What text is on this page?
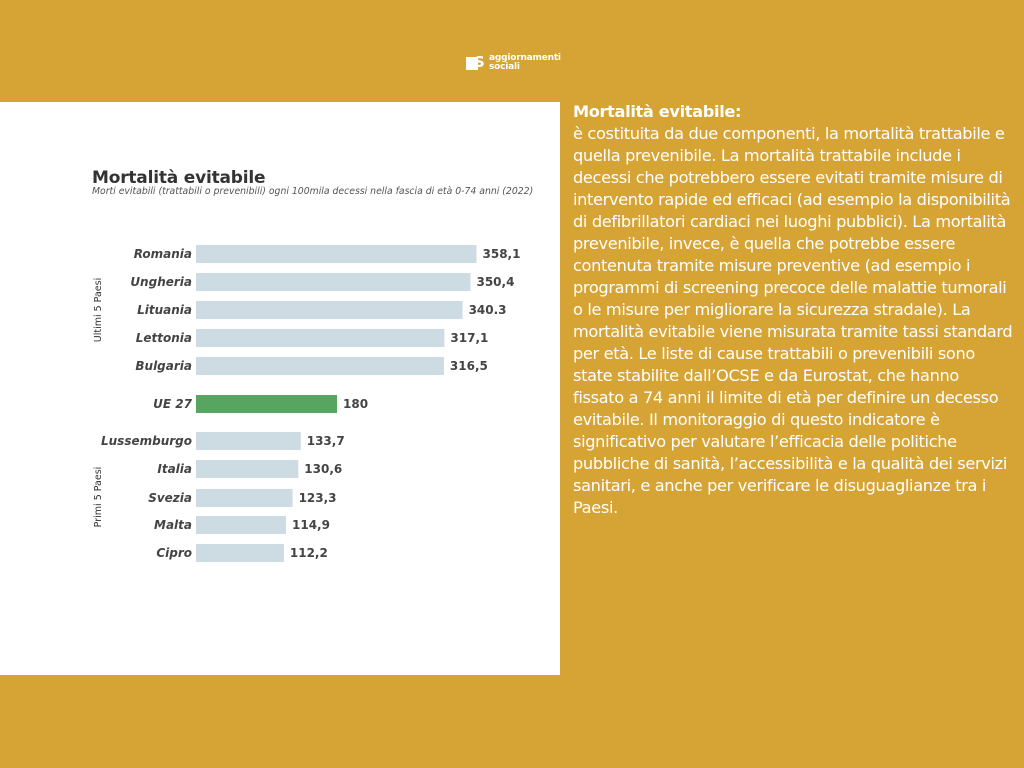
S aggiornamenti
sociali
Mortalità evitabile

Morti evitabili (trattabili o prevenibili) ogni 100mila decessi nella fascia di età 0-74 anni (2022)

Romania	358,1
Ungheria	350,4
Lituania	340.3
Lettonia	317,1
Bulgaria	316,5
UE 27	180
Lussemburgo	133,7
Italia	130,6
Svezia	123,3
Malta	114,9
Cipro	112,2
Ultimi 5 Paesi
Primi 5 Paesi
Mortalità evitabile:
è costituita da due componenti, la mortalità trattabile e quella prevenibile. La mortalità trattabile include i decessi che potrebbero essere evitati tramite misure di intervento rapide ed efficaci (ad esempio la disponibilità di defibrillatori cardiaci nei luoghi pubblici). La mortalità prevenibile, invece, è quella che potrebbe essere contenuta tramite misure preventive (ad esempio i programmi di screening precoce delle malattie tumorali o le misure per migliorare la sicurezza stradale). La mortalità evitabile viene misurata tramite tassi standard per età. Le liste di cause trattabili o prevenibili sono state stabilite dall’OCSE e da Eurostat, che hanno fissato a 74 anni il limite di età per definire un decesso evitabile. Il monitoraggio di questo indicatore è significativo per valutare l’efficacia delle politiche pubbliche di sanità, l’accessibilità e la qualità dei servizi sanitari, e anche per verificare le disuguaglianze tra i Paesi.
